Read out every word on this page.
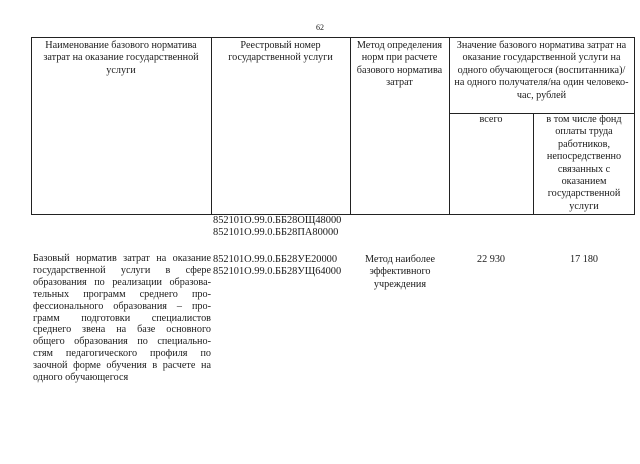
62
Наименование базового норматива затрат на оказание государственной услуги
Реестровый номер государственной услуги
Метод определения норм при расчете базового норматива затрат
Значение базового норматива затрат на оказание государственной услуги на одного обучающегося (воспитанника)/на одного получателя/на один человеко-час, рублей
всего	в том числе фонд оплаты труда работников, непосредственно связанных с оказанием государственной услуги
852101О.99.0.ББ28ОЩ48000
852101О.99.0.ББ28ПА80000
Базовый норматив затрат на оказание
государственной услуги в сфере
образования по реализации образова-
тельных программ среднего про-
фессионального образования – про-
грамм подготовки специалистов
среднего звена на базе основного
общего образования по специально-
стям педагогического профиля по
заочной форме обучения в расчете на
одного обучающегося
852101О.99.0.ББ28УЕ20000
852101О.99.0.ББ28УЩ64000
Метод наиболее эффективного учреждения
22 930	17 180
